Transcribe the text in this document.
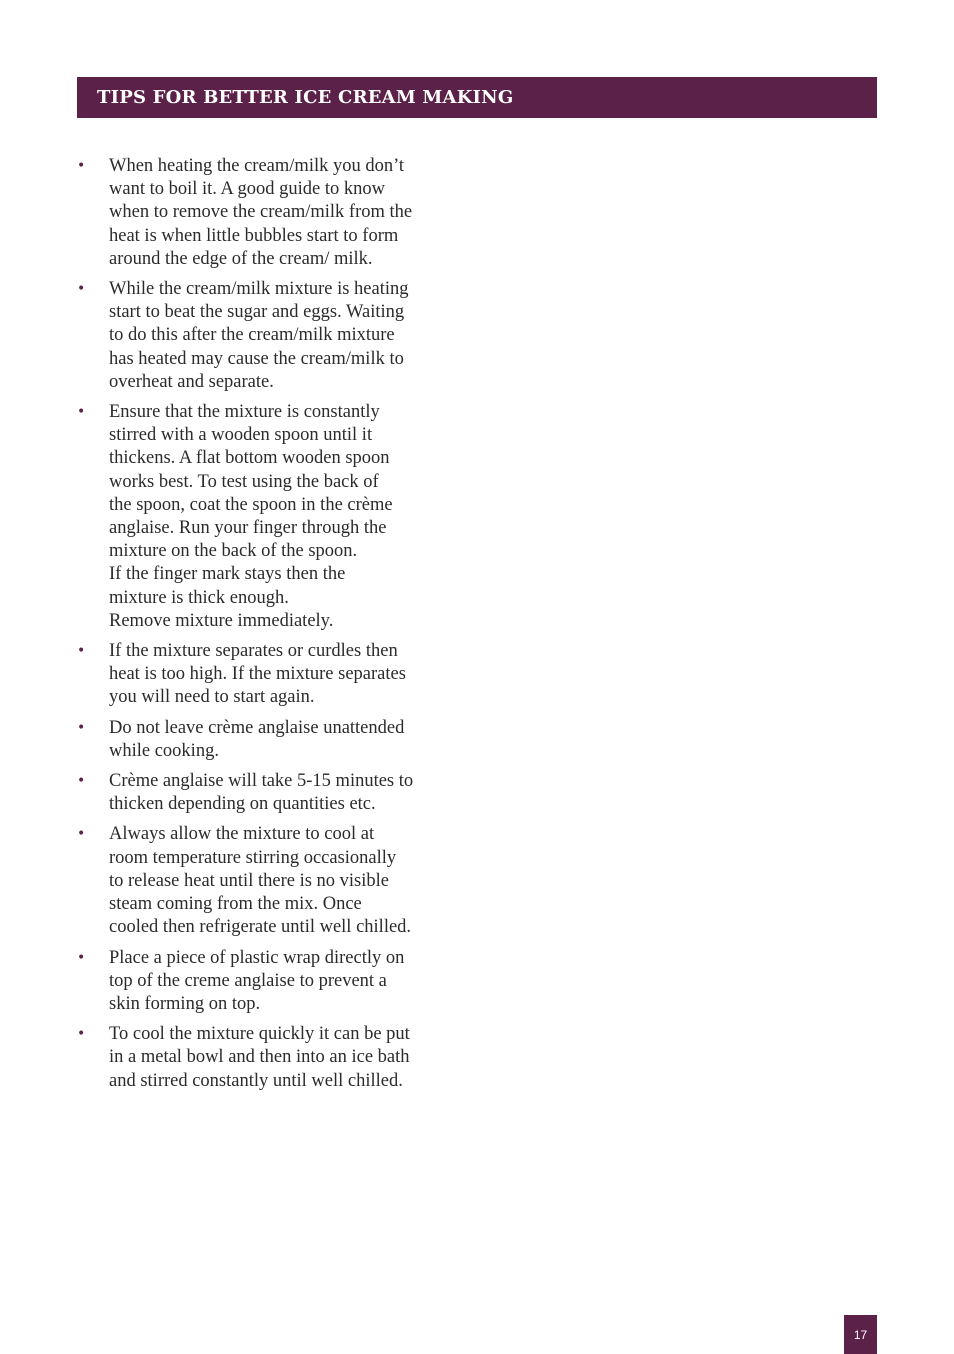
TIPS FOR BETTER ICE CREAM MAKING
• When heating the cream/milk you don’t
want to boil it. A good guide to know
when to remove the cream/milk from the
heat is when little bubbles start to form
around the edge of the cream/ milk.
• While the cream/milk mixture is heating
start to beat the sugar and eggs. Waiting
to do this after the cream/milk mixture
has heated may cause the cream/milk to
overheat and separate.
• Ensure that the mixture is constantly
stirred with a wooden spoon until it
thickens. A flat bottom wooden spoon
works best. To test using the back of
the spoon, coat the spoon in the crème
anglaise. Run your finger through the
mixture on the back of the spoon.
If the finger mark stays then the
mixture is thick enough.
Remove mixture immediately.
• If the mixture separates or curdles then
heat is too high. If the mixture separates
you will need to start again.
• Do not leave crème anglaise unattended
while cooking.
• Crème anglaise will take 5-15 minutes to
thicken depending on quantities etc.
• Always allow the mixture to cool at
room temperature stirring occasionally
to release heat until there is no visible
steam coming from the mix. Once
cooled then refrigerate until well chilled.
• Place a piece of plastic wrap directly on
top of the creme anglaise to prevent a
skin forming on top.
• To cool the mixture quickly it can be put
in a metal bowl and then into an ice bath
and stirred constantly until well chilled.
17
